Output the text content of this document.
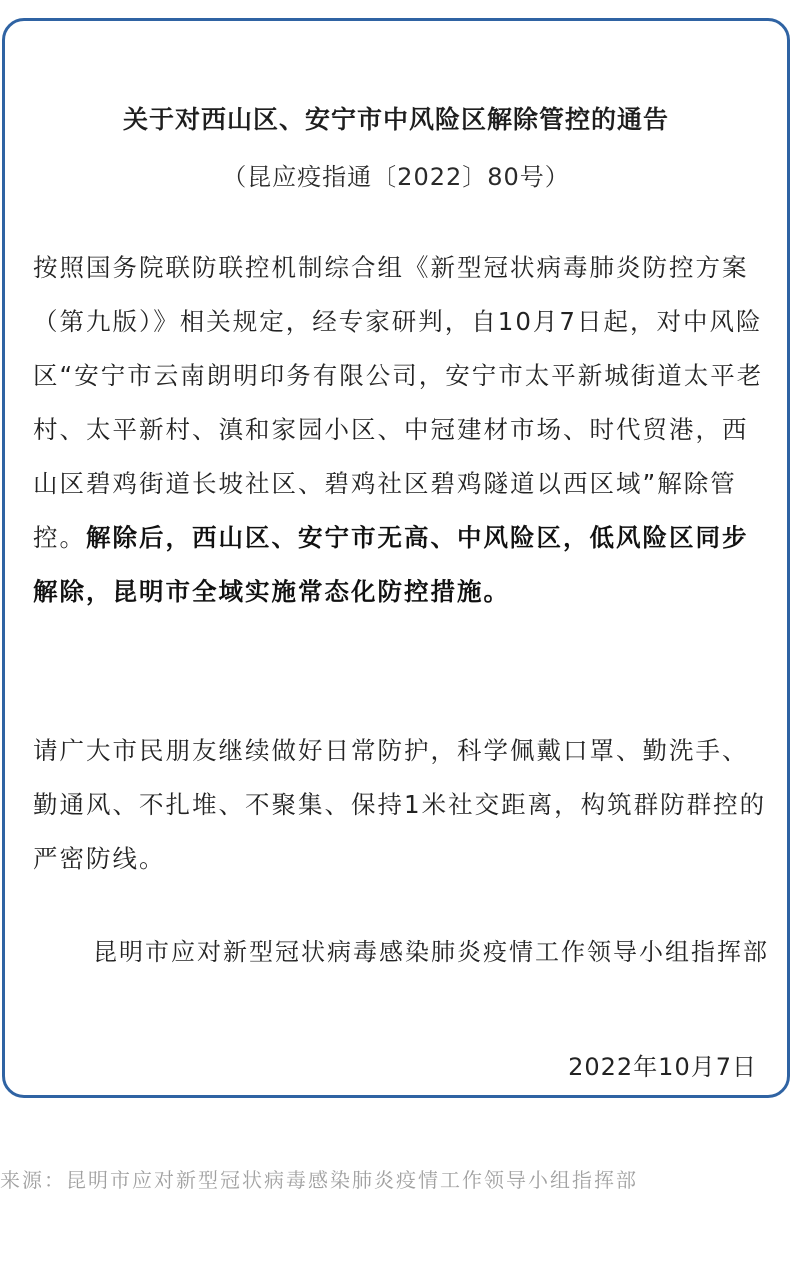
关于对西山区、安宁市中风险区解除管控的通告
（昆应疫指通〔2022〕80号）

按照国务院联防联控机制综合组《新型冠状病毒肺炎防控方案（第九版）》相关规定，经专家研判，自10月7日起，对中风险区“安宁市云南朗明印务有限公司，安宁市太平新城街道太平老村、太平新村、滇和家园小区、中冠建材市场、时代贸港，西山区碧鸡街道长坡社区、碧鸡社区碧鸡隧道以西区域”解除管控。解除后，西山区、安宁市无高、中风险区，低风险区同步解除，昆明市全域实施常态化防控措施。

请广大市民朋友继续做好日常防护，科学佩戴口罩、勤洗手、勤通风、不扎堆、不聚集、保持1米社交距离，构筑群防群控的严密防线。

昆明市应对新型冠状病毒感染肺炎疫情工作领导小组指挥部

2022年10月7日
来源：昆明市应对新型冠状病毒感染肺炎疫情工作领导小组指挥部
